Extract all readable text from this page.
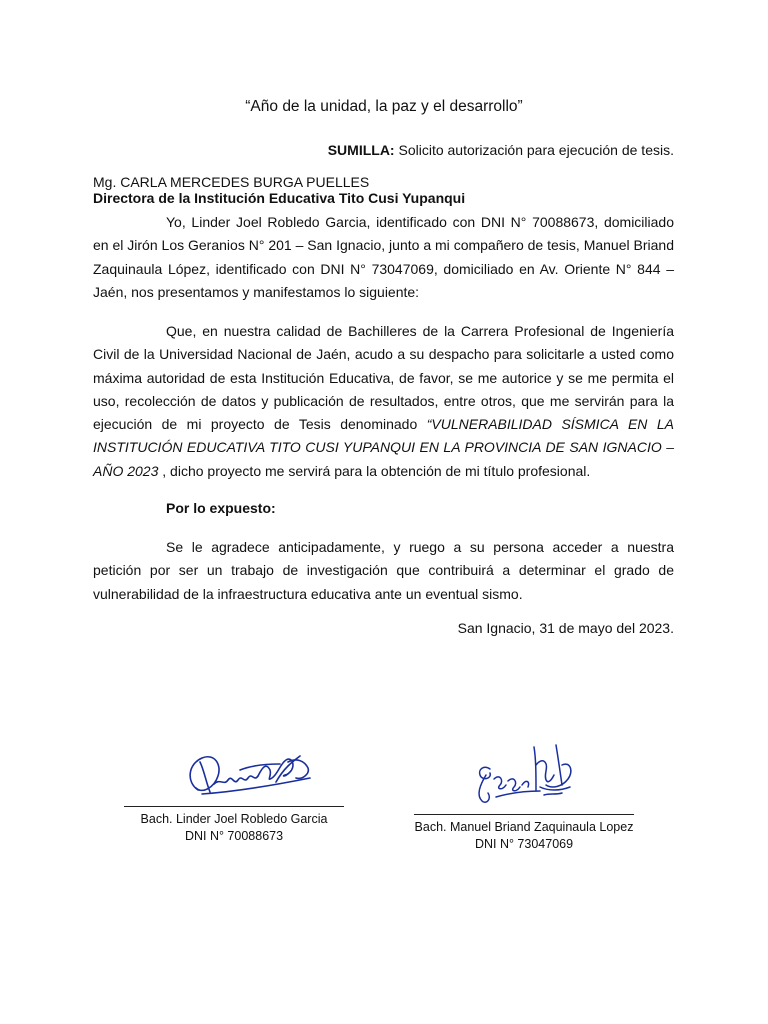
“Año de la unidad, la paz y el desarrollo”
SUMILLA: Solicito autorización para ejecución de tesis.
Mg. CARLA MERCEDES BURGA PUELLES
Directora de la Institución Educativa Tito Cusi Yupanqui

Yo, Linder Joel Robledo Garcia, identificado con DNI N° 70088673, domiciliado en el Jirón Los Geranios N° 201 – San Ignacio, junto a mi compañero de tesis, Manuel Briand Zaquinaula López, identificado con DNI N° 73047069, domiciliado en Av. Oriente N° 844 – Jaén, nos presentamos y manifestamos lo siguiente:

Que, en nuestra calidad de Bachilleres de la Carrera Profesional de Ingeniería Civil de la Universidad Nacional de Jaén, acudo a su despacho para solicitarle a usted como máxima autoridad de esta Institución Educativa, de favor, se me autorice y se me permita el uso, recolección de datos y publicación de resultados, entre otros, que me servirán para la ejecución de mi proyecto de Tesis denominado “VULNERABILIDAD SÍSMICA EN LA INSTITUCIÓN EDUCATIVA TITO CUSI YUPANQUI EN LA PROVINCIA DE SAN IGNACIO – AÑO 2023 , dicho proyecto me servirá para la obtención de mi título profesional.

Por lo expuesto:

Se le agradece anticipadamente, y ruego a su persona acceder a nuestra petición por ser un trabajo de investigación que contribuirá a determinar el grado de vulnerabilidad de la infraestructura educativa ante un eventual sismo.

San Ignacio, 31 de mayo del 2023.
Bach. Linder Joel Robledo Garcia
DNI N° 70088673
Bach. Manuel Briand Zaquinaula Lopez
DNI N° 73047069
